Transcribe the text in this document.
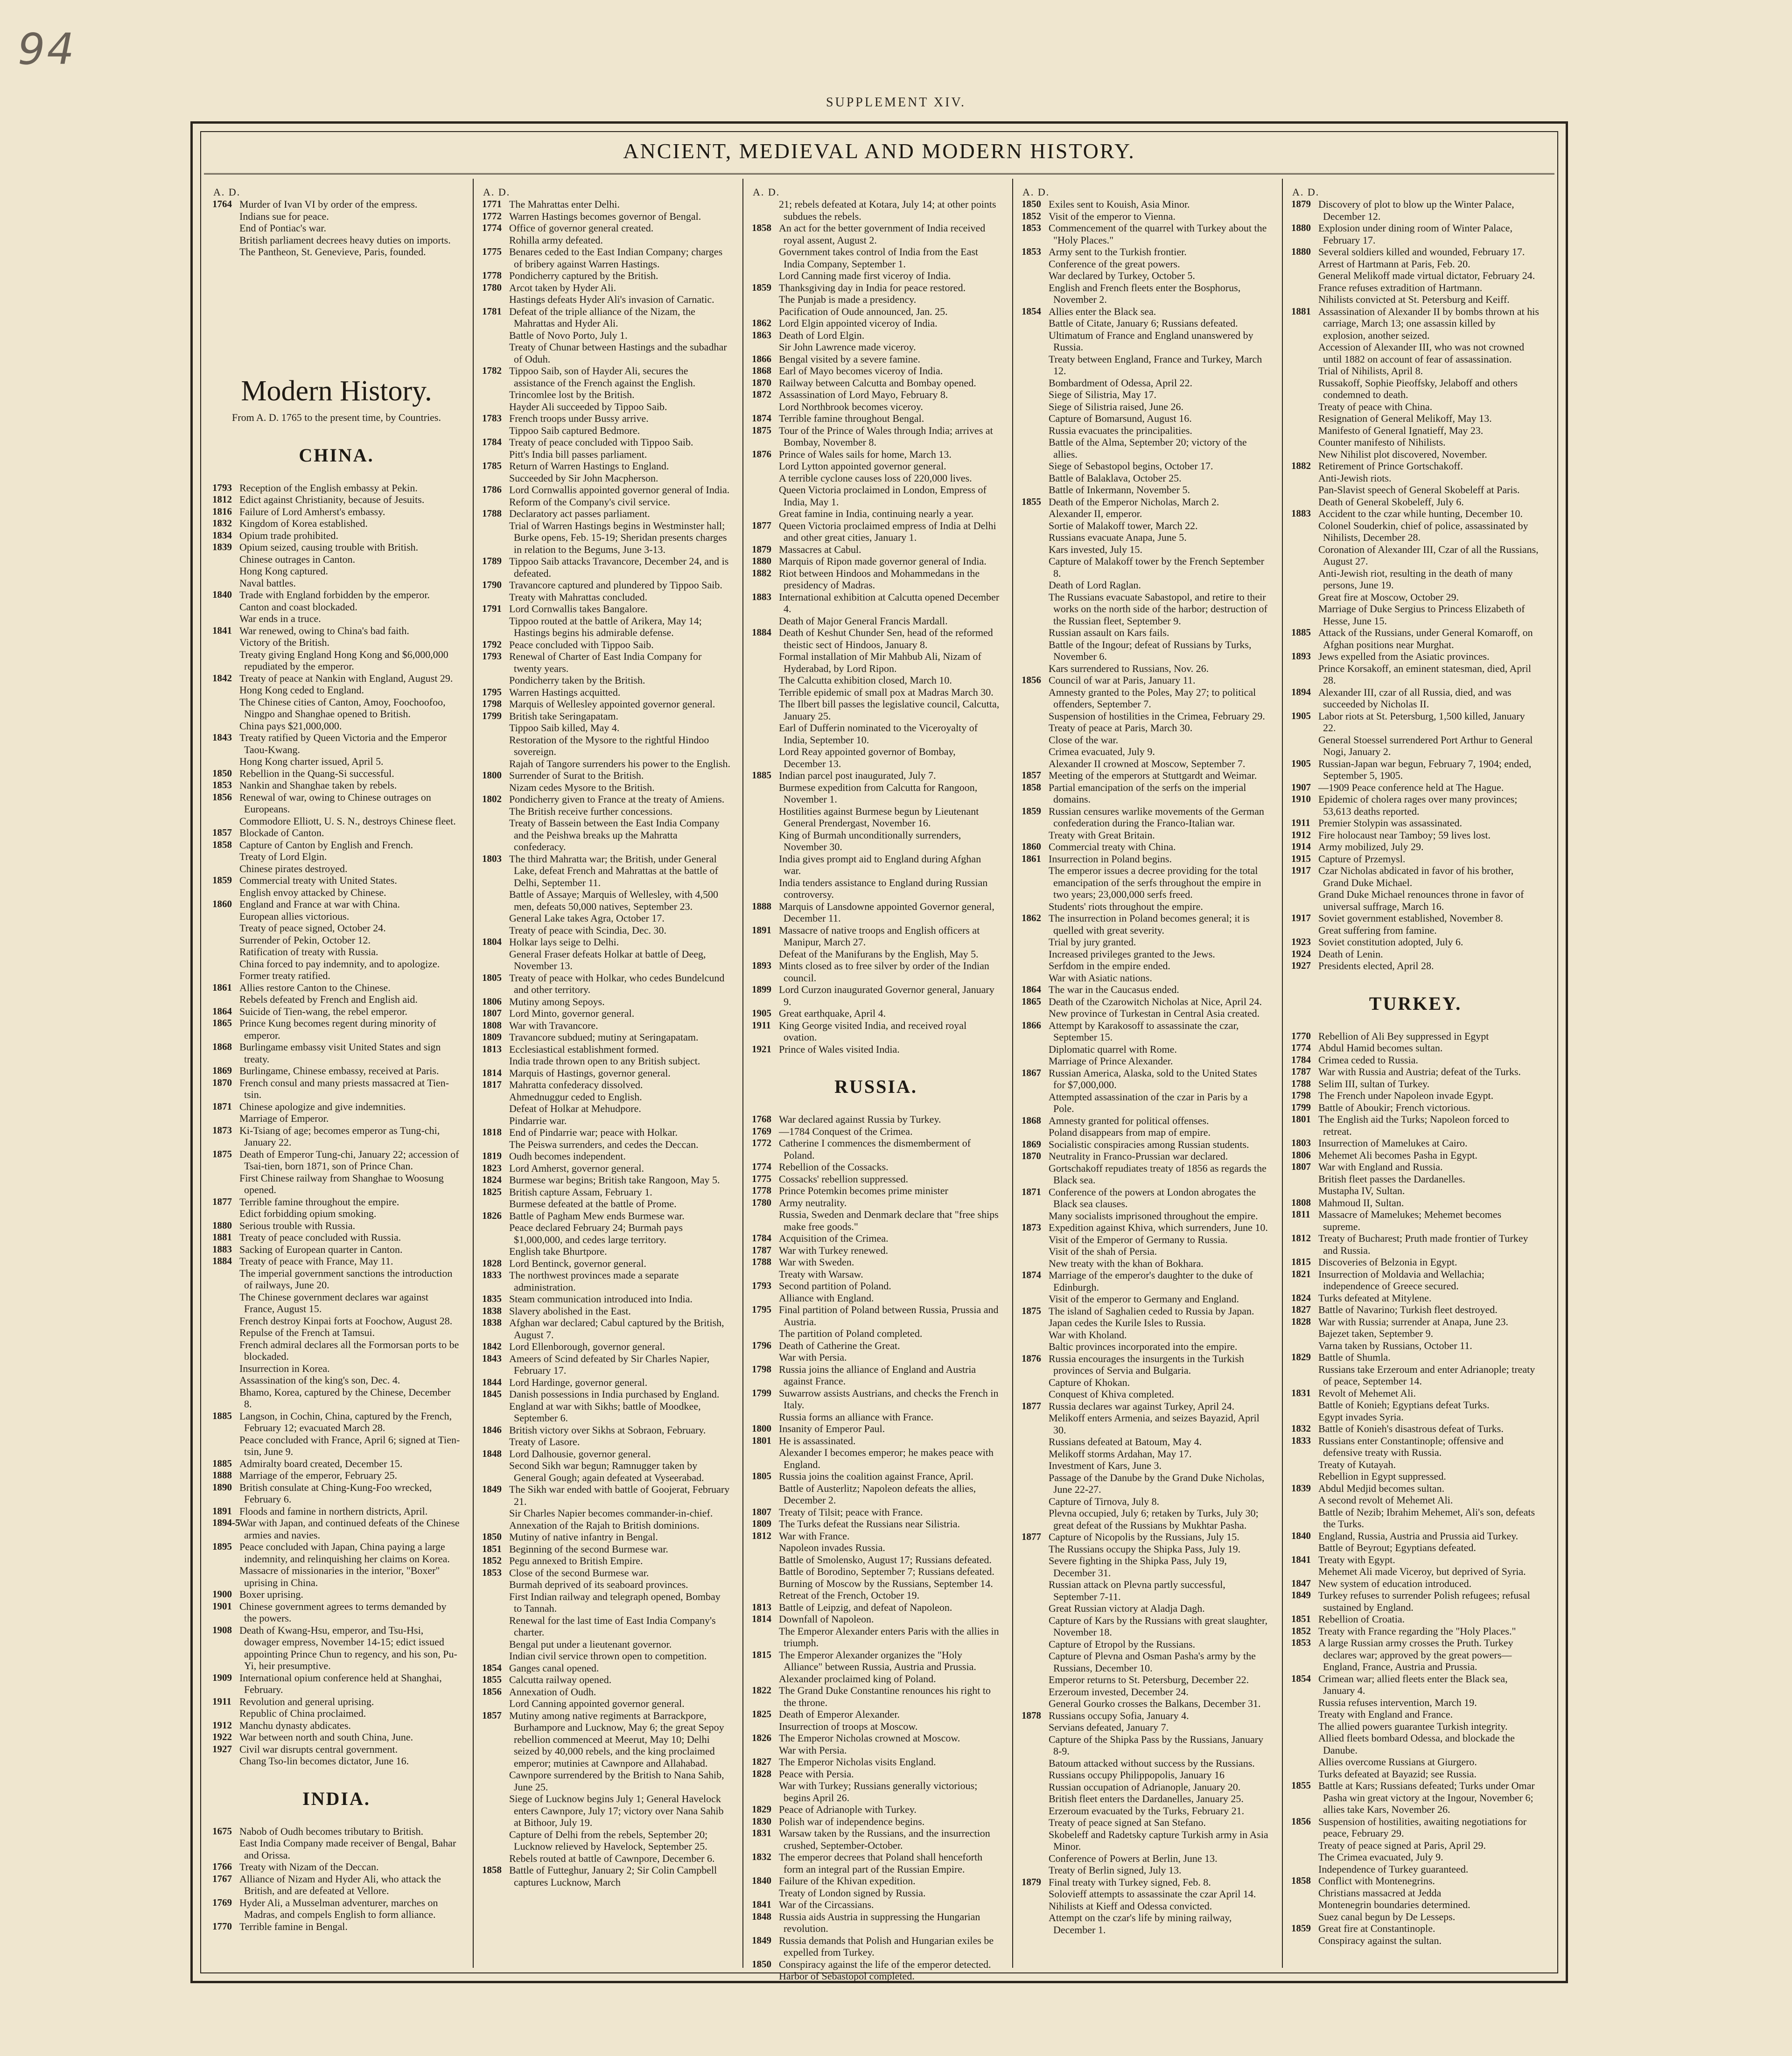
94
SUPPLEMENT XIV.
ANCIENT, MEDIEVAL AND MODERN HISTORY.
A. D.
1764 Murder of Ivan VI by order of the empress.
Indians sue for peace.
End of Pontiac's war.
British parliament decrees heavy duties on imports.
The Pantheon, St. Genevieve, Paris, founded.
Modern History.
From A. D. 1765 to the present time, by Countries.
CHINA.
1793 Reception of the English embassy at Pekin.
1812 Edict against Christianity, because of Jesuits.
1816 Failure of Lord Amherst's embassy.
1832 Kingdom of Korea established.
1834 Opium trade prohibited.
1839 Opium seized, causing trouble with British.
Chinese outrages in Canton.
Hong Kong captured.
Naval battles.
1840 Trade with England forbidden by the emperor.
Canton and coast blockaded.
War ends in a truce.
1841 War renewed, owing to China's bad faith.
Victory of the British.
Treaty giving England Hong Kong and $6,000,000 repudiated by the emperor.
1842 Treaty of peace at Nankin with England, August 29.
Hong Kong ceded to England.
The Chinese cities of Canton, Amoy, Foochoofoo, Ningpo and Shanghae opened to British.
China pays $21,000,000.
1843 Treaty ratified by Queen Victoria and the Emperor Taou-Kwang.
Hong Kong charter issued, April 5.
1850 Rebellion in the Quang-Si successful.
1853 Nankin and Shanghae taken by rebels.
1856 Renewal of war, owing to Chinese outrages on Europeans.
Commodore Elliott, U. S. N., destroys Chinese fleet.
1857 Blockade of Canton.
1858 Capture of Canton by English and French.
Treaty of Lord Elgin.
Chinese pirates destroyed.
1859 Commercial treaty with United States.
English envoy attacked by Chinese.
1860 England and France at war with China.
European allies victorious.
Treaty of peace signed, October 24.
Surrender of Pekin, October 12.
Ratification of treaty with Russia.
China forced to pay indemnity, and to apologize.
Former treaty ratified.
1861 Allies restore Canton to the Chinese.
Rebels defeated by French and English aid.
1864 Suicide of Tien-wang, the rebel emperor.
1865 Prince Kung becomes regent during minority of emperor.
1868 Burlingame embassy visit United States and sign treaty.
1869 Burlingame, Chinese embassy, received at Paris.
1870 French consul and many priests massacred at Tien-tsin.
1871 Chinese apologize and give indemnities.
Marriage of Emperor.
1873 Ki-Tsiang of age; becomes emperor as Tung-chi, January 22.
1875 Death of Emperor Tung-chi, January 22; accession of Tsai-tien, born 1871, son of Prince Chan.
First Chinese railway from Shanghae to Woosung opened.
1877 Terrible famine throughout the empire.
Edict forbidding opium smoking.
1880 Serious trouble with Russia.
1881 Treaty of peace concluded with Russia.
1883 Sacking of European quarter in Canton.
1884 Treaty of peace with France, May 11.
The imperial government sanctions the introduction of railways, June 20.
The Chinese government declares war against France, August 15.
French destroy Kinpai forts at Foochow, August 28.
Repulse of the French at Tamsui.
French admiral declares all the Formorsan ports to be blockaded.
Insurrection in Korea.
Assassination of the king's son, Dec. 4.
Bhamo, Korea, captured by the Chinese, December 8.
1885 Langson, in Cochin, China, captured by the French, February 12; evacuated March 28.
Peace concluded with France, April 6; signed at Tien-tsin, June 9.
1885 Admiralty board created, December 15.
1888 Marriage of the emperor, February 25.
1890 British consulate at Ching-Kung-Foo wrecked, February 6.
1891 Floods and famine in northern districts, April.
1894-5
War with Japan, and continued defeats of the Chinese armies and navies.
1895 Peace concluded with Japan, China paying a large indemnity, and relinquishing her claims on Korea.
Massacre of missionaries in the interior, "Boxer" uprising in China.
1900 Boxer uprising.
1901 Chinese government agrees to terms demanded by the powers.
1908 Death of Kwang-Hsu, emperor, and Tsu-Hsi, dowager empress, November 14-15; edict issued appointing Prince Chun to regency, and his son, Pu-Yi, heir presumptive.
1909 International opium conference held at Shanghai, February.
1911 Revolution and general uprising.
Republic of China proclaimed.
1912 Manchu dynasty abdicates.
1922 War between north and south China, June.
1927 Civil war disrupts central government.
Chang Tso-lin becomes dictator, June 16.
INDIA.
1675 Nabob of Oudh becomes tributary to British.
East India Company made receiver of Bengal, Bahar and Orissa.
1766 Treaty with Nizam of the Deccan.
1767 Alliance of Nizam and Hyder Ali, who attack the British, and are defeated at Vellore.
1769 Hyder Ali, a Musselman adventurer, marches on Madras, and compels English to form alliance.
1770 Terrible famine in Bengal.
A. D.
1771 The Mahrattas enter Delhi.
1772 Warren Hastings becomes governor of Bengal.
1774 Office of governor general created.
Rohilla army defeated.
1775 Benares ceded to the East Indian Company; charges of bribery against Warren Hastings.
1778 Pondicherry captured by the British.
1780 Arcot taken by Hyder Ali.
Hastings defeats Hyder Ali's invasion of Carnatic.
1781 Defeat of the triple alliance of the Nizam, the Mahrattas and Hyder Ali.
Battle of Novo Porto, July 1.
Treaty of Chunar between Hastings and the subadhar of Oduh.
1782 Tippoo Saib, son of Hayder Ali, secures the assistance of the French against the English.
Trincomlee lost by the British.
Hayder Ali succeeded by Tippoo Saib.
1783 French troops under Bussy arrive.
Tippoo Saib captured Bedmore.
1784 Treaty of peace concluded with Tippoo Saib.
Pitt's India bill passes parliament.
1785 Return of Warren Hastings to England.
Succeeded by Sir John Macpherson.
1786 Lord Cornwallis appointed governor general of India.
Reform of the Company's civil service.
1788 Declaratory act passes parliament.
Trial of Warren Hastings begins in Westminster hall; Burke opens, Feb. 15-19; Sheridan presents charges in relation to the Begums, June 3-13.
1789 Tippoo Saib attacks Travancore, December 24, and is defeated.
1790 Travancore captured and plundered by Tippoo Saib.
Treaty with Mahrattas concluded.
1791 Lord Cornwallis takes Bangalore.
Tippoo routed at the battle of Arikera, May 14; Hastings begins his admirable defense.
1792 Peace concluded with Tippoo Saib.
1793 Renewal of Charter of East India Company for twenty years.
Pondicherry taken by the British.
1795 Warren Hastings acquitted.
1798 Marquis of Wellesley appointed governor general.
1799 British take Seringapatam.
Tippoo Saib killed, May 4.
Restoration of the Mysore to the rightful Hindoo sovereign.
Rajah of Tangore surrenders his power to the English.
1800 Surrender of Surat to the British.
Nizam cedes Mysore to the British.
1802 Pondicherry given to France at the treaty of Amiens.
The British receive further concessions.
Treaty of Bassein between the East India Company and the Peishwa breaks up the Mahratta confederacy.
1803 The third Mahratta war; the British, under General Lake, defeat French and Mahrattas at the battle of Delhi, September 11.
Battle of Assaye; Marquis of Wellesley, with 4,500 men, defeats 50,000 natives, September 23.
General Lake takes Agra, October 17.
Treaty of peace with Scindia, Dec. 30.
1804 Holkar lays seige to Delhi.
General Fraser defeats Holkar at battle of Deeg, November 13.
1805 Treaty of peace with Holkar, who cedes Bundelcund and other territory.
1806 Mutiny among Sepoys.
1807 Lord Minto, governor general.
1808 War with Travancore.
1809 Travancore subdued; mutiny at Seringapatam.
1813 Ecclesiastical establishment formed.
India trade thrown open to any British subject.
1814 Marquis of Hastings, governor general.
1817 Mahratta confederacy dissolved.
Ahmednuggur ceded to English.
Defeat of Holkar at Mehudpore.
Pindarrie war.
1818 End of Pindarrie war; peace with Holkar.
The Peiswa surrenders, and cedes the Deccan.
1819 Oudh becomes independent.
1823 Lord Amherst, governor general.
1824 Burmese war begins; British take Rangoon, May 5.
1825 British capture Assam, February 1.
Burmese defeated at the battle of Prome.
1826 Battle of Pagham Mew ends Burmese war.
Peace declared February 24; Burmah pays $1,000,000, and cedes large territory.
English take Bhurtpore.
1828 Lord Bentinck, governor general.
1833 The northwest provinces made a separate administration.
1835 Steam communication introduced into India.
1838 Slavery abolished in the East.
1838 Afghan war declared; Cabul captured by the British, August 7.
1842 Lord Ellenborough, governor general.
1843 Ameers of Scind defeated by Sir Charles Napier, February 17.
1844 Lord Hardinge, governor general.
1845 Danish possessions in India purchased by England.
England at war with Sikhs; battle of Moodkee, September 6.
1846 British victory over Sikhs at Sobraon, February.
Treaty of Lasore.
1848 Lord Dalhousie, governor general.
Second Sikh war begun; Ramnugger taken by General Gough; again defeated at Vyseerabad.
1849 The Sikh war ended with battle of Goojerat, February 21.
Sir Charles Napier becomes commander-in-chief.
Annexation of the Rajah to British dominions.
1850 Mutiny of native infantry in Bengal.
1851 Beginning of the second Burmese war.
1852 Pegu annexed to British Empire.
1853 Close of the second Burmese war.
Burmah deprived of its seaboard provinces.
First Indian railway and telegraph opened, Bombay to Tannah.
Renewal for the last time of East India Company's charter.
Bengal put under a lieutenant governor.
Indian civil service thrown open to competition.
1854 Ganges canal opened.
1855 Calcutta railway opened.
1856 Annexation of Oudh.
Lord Canning appointed governor general.
1857 Mutiny among native regiments at Barrackpore, Burhampore and Lucknow, May 6; the great Sepoy rebellion commenced at Meerut, May 10; Delhi seized by 40,000 rebels, and the king proclaimed emperor; mutinies at Cawnpore and Allahabad.
Cawnpore surrendered by the British to Nana Sahib, June 25.
Siege of Lucknow begins July 1; General Havelock enters Cawnpore, July 17; victory over Nana Sahib at Bithoor, July 19.
Capture of Delhi from the rebels, September 20; Lucknow relieved by Havelock, September 25.
Rebels routed at battle of Cawnpore, December 6.
1858 Battle of Futteghur, January 2; Sir Colin Campbell captures Lucknow, March
A. D.
21; rebels defeated at Kotara, July 14; at other points subdues the rebels.
1858 An act for the better government of India received royal assent, August 2.
Government takes control of India from the East India Company, September 1.
Lord Canning made first viceroy of India.
1859 Thanksgiving day in India for peace restored.
The Punjab is made a presidency.
Pacification of Oude announced, Jan. 25.
1862 Lord Elgin appointed viceroy of India.
1863 Death of Lord Elgin.
Sir John Lawrence made viceroy.
1866 Bengal visited by a severe famine.
1868 Earl of Mayo becomes viceroy of India.
1870 Railway between Calcutta and Bombay opened.
1872 Assassination of Lord Mayo, February 8.
Lord Northbrook becomes viceroy.
1874 Terrible famine throughout Bengal.
1875 Tour of the Prince of Wales through India; arrives at Bombay, November 8.
1876 Prince of Wales sails for home, March 13.
Lord Lytton appointed governor general.
A terrible cyclone causes loss of 220,000 lives.
Queen Victoria proclaimed in London, Empress of India, May 1.
Great famine in India, continuing nearly a year.
1877 Queen Victoria proclaimed empress of India at Delhi and other great cities, January 1.
1879 Massacres at Cabul.
1880 Marquis of Ripon made governor general of India.
1882 Riot between Hindoos and Mohammedans in the presidency of Madras.
1883 International exhibition at Calcutta opened December 4.
Death of Major General Francis Mardall.
1884 Death of Keshut Chunder Sen, head of the reformed theistic sect of Hindoos, January 8.
Formal installation of Mir Mahbub Ali, Nizam of Hyderabad, by Lord Ripon.
The Calcutta exhibition closed, March 10.
Terrible epidemic of small pox at Madras March 30.
The Ilbert bill passes the legislative council, Calcutta, January 25.
Earl of Dufferin nominated to the Viceroyalty of India, September 10.
Lord Reay appointed governor of Bombay, December 13.
1885 Indian parcel post inaugurated, July 7.
Burmese expedition from Calcutta for Rangoon, November 1.
Hostilities against Burmese begun by Lieutenant General Prendergast, November 16.
King of Burmah unconditionally surrenders, November 30.
India gives prompt aid to England during Afghan war.
India tenders assistance to England during Russian controversy.
1888 Marquis of Lansdowne appointed Governor general, December 11.
1891 Massacre of native troops and English officers at Manipur, March 27.
Defeat of the Manifurans by the English, May 5.
1893 Mints closed as to free silver by order of the Indian council.
1899 Lord Curzon inaugurated Governor general, January 9.
1905 Great earthquake, April 4.
1911 King George visited India, and received royal ovation.
1921 Prince of Wales visited India.
RUSSIA.
1768 War declared against Russia by Turkey.
1769 —1784 Conquest of the Crimea.
1772 Catherine I commences the dismemberment of Poland.
1774 Rebellion of the Cossacks.
1775 Cossacks' rebellion suppressed.
1778 Prince Potemkin becomes prime minister
1780 Army neutrality.
Russia, Sweden and Denmark declare that "free ships make free goods."
1784 Acquisition of the Crimea.
1787 War with Turkey renewed.
1788 War with Sweden.
Treaty with Warsaw.
1793 Second partition of Poland.
Alliance with England.
1795 Final partition of Poland between Russia, Prussia and Austria.
The partition of Poland completed.
1796 Death of Catherine the Great.
War with Persia.
1798 Russia joins the alliance of England and Austria against France.
1799 Suwarrow assists Austrians, and checks the French in Italy.
Russia forms an alliance with France.
1800 Insanity of Emperor Paul.
1801 He is assassinated.
Alexander I becomes emperor; he makes peace with England.
1805 Russia joins the coalition against France, April.
Battle of Austerlitz; Napoleon defeats the allies, December 2.
1807 Treaty of Tilsit; peace with France.
1809 The Turks defeat the Russians near Silistria.
1812 War with France.
Napoleon invades Russia.
Battle of Smolensko, August 17; Russians defeated.
Battle of Borodino, September 7; Russians defeated.
Burning of Moscow by the Russians, September 14.
Retreat of the French, October 19.
1813 Battle of Leipzig, and defeat of Napoleon.
1814 Downfall of Napoleon.
The Emperor Alexander enters Paris with the allies in triumph.
1815 The Emperor Alexander organizes the "Holy Alliance" between Russia, Austria and Prussia.
Alexander proclaimed king of Poland.
1822 The Grand Duke Constantine renounces his right to the throne.
1825 Death of Emperor Alexander.
Insurrection of troops at Moscow.
1826 The Emperor Nicholas crowned at Moscow.
War with Persia.
1827 The Emperor Nicholas visits England.
1828 Peace with Persia.
War with Turkey; Russians generally victorious; begins April 26.
1829 Peace of Adrianople with Turkey.
1830 Polish war of independence begins.
1831 Warsaw taken by the Russians, and the insurrection crushed, September-October.
1832 The emperor decrees that Poland shall henceforth form an integral part of the Russian Empire.
1840 Failure of the Khivan expedition.
Treaty of London signed by Russia.
1841 War of the Circassians.
1848 Russia aids Austria in suppressing the Hungarian revolution.
1849 Russia demands that Polish and Hungarian exiles be expelled from Turkey.
1850 Conspiracy against the life of the emperor detected.
Harbor of Sebastopol completed.
A. D.
1850 Exiles sent to Kouish, Asia Minor.
1852 Visit of the emperor to Vienna.
1853 Commencement of the quarrel with Turkey about the "Holy Places."
1853 Army sent to the Turkish frontier.
Conference of the great powers.
War declared by Turkey, October 5.
English and French fleets enter the Bosphorus, November 2.
1854 Allies enter the Black sea.
Battle of Citate, January 6; Russians defeated.
Ultimatum of France and England unanswered by Russia.
Treaty between England, France and Turkey, March 12.
Bombardment of Odessa, April 22.
Siege of Silistria, May 17.
Siege of Silistria raised, June 26.
Capture of Bomarsund, August 16.
Russia evacuates the principalities.
Battle of the Alma, September 20; victory of the allies.
Siege of Sebastopol begins, October 17.
Battle of Balaklava, October 25.
Battle of Inkermann, November 5.
1855 Death of the Emperor Nicholas, March 2.
Alexander II, emperor.
Sortie of Malakoff tower, March 22.
Russians evacuate Anapa, June 5.
Kars invested, July 15.
Capture of Malakoff tower by the French September 8.
Death of Lord Raglan.
The Russians evacuate Sabastopol, and retire to their works on the north side of the harbor; destruction of the Russian fleet, September 9.
Russian assault on Kars fails.
Battle of the Ingour; defeat of Russians by Turks, November 6.
Kars surrendered to Russians, Nov. 26.
1856 Council of war at Paris, January 11.
Amnesty granted to the Poles, May 27; to political offenders, September 7.
Suspension of hostilities in the Crimea, February 29.
Treaty of peace at Paris, March 30.
Close of the war.
Crimea evacuated, July 9.
Alexander II crowned at Moscow, September 7.
1857 Meeting of the emperors at Stuttgardt and Weimar.
1858 Partial emancipation of the serfs on the imperial domains.
1859 Russian censures warlike movements of the German confederation during the Franco-Italian war.
Treaty with Great Britain.
1860 Commercial treaty with China.
1861 Insurrection in Poland begins.
The emperor issues a decree providing for the total emancipation of the serfs throughout the empire in two years; 23,000,000 serfs freed.
Students' riots throughout the empire.
1862 The insurrection in Poland becomes general; it is quelled with great severity.
Trial by jury granted.
Increased privileges granted to the Jews.
Serfdom in the empire ended.
War with Asiatic nations.
1864 The war in the Caucasus ended.
1865 Death of the Czarowitch Nicholas at Nice, April 24.
New province of Turkestan in Central Asia created.
1866 Attempt by Karakosoff to assassinate the czar, September 15.
Diplomatic quarrel with Rome.
Marriage of Prince Alexander.
1867 Russian America, Alaska, sold to the United States for $7,000,000.
Attempted assassination of the czar in Paris by a Pole.
1868 Amnesty granted for political offenses.
Poland disappears from map of empire.
1869 Socialistic conspiracies among Russian students.
1870 Neutrality in Franco-Prussian war declared.
Gortschakoff repudiates treaty of 1856 as regards the Black sea.
1871 Conference of the powers at London abrogates the Black sea clauses.
Many socialists imprisoned throughout the empire.
1873 Expedition against Khiva, which surrenders, June 10.
Visit of the Emperor of Germany to Russia.
Visit of the shah of Persia.
New treaty with the khan of Bokhara.
1874 Marriage of the emperor's daughter to the duke of Edinburgh.
Visit of the emperor to Germany and England.
1875 The island of Saghalien ceded to Russia by Japan.
Japan cedes the Kurile Isles to Russia.
War with Kholand.
Baltic provinces incorporated into the empire.
1876 Russia encourages the insurgents in the Turkish provinces of Servia and Bulgaria.
Capture of Khokan.
Conquest of Khiva completed.
1877 Russia declares war against Turkey, April 24.
Melikoff enters Armenia, and seizes Bayazid, April 30.
Russians defeated at Batoum, May 4.
Melikoff storms Ardahan, May 17.
Investment of Kars, June 3.
Passage of the Danube by the Grand Duke Nicholas, June 22-27.
Capture of Tirnova, July 8.
Plevna occupied, July 6; retaken by Turks, July 30; great defeat of the Russians by Mukhtar Pasha.
1877 Capture of Nicopolis by the Russians, July 15.
The Russians occupy the Shipka Pass, July 19.
Severe fighting in the Shipka Pass, July 19, December 31.
Russian attack on Plevna partly successful, September 7-11.
Great Russian victory at Aladja Dagh.
Capture of Kars by the Russians with great slaughter, November 18.
Capture of Etropol by the Russians.
Capture of Plevna and Osman Pasha's army by the Russians, December 10.
Emperor returns to St. Petersburg, December 22.
Erzeroum invested, December 24.
General Gourko crosses the Balkans, December 31.
1878 Russians occupy Sofia, January 4.
Servians defeated, January 7.
Capture of the Shipka Pass by the Russians, January 8-9.
Batoum attacked without success by the Russians.
Russians occupy Philippopolis, January 16
Russian occupation of Adrianople, January 20.
British fleet enters the Dardanelles, January 25.
Erzeroum evacuated by the Turks, February 21.
Treaty of peace signed at San Stefano.
Skobeleff and Radetsky capture Turkish army in Asia Minor.
Conference of Powers at Berlin, June 13.
Treaty of Berlin signed, July 13.
1879 Final treaty with Turkey signed, Feb. 8.
Solovieff attempts to assassinate the czar April 14.
Nihilists at Kieff and Odessa convicted.
Attempt on the czar's life by mining railway, December 1.
A. D.
1879 Discovery of plot to blow up the Winter Palace, December 12.
1880 Explosion under dining room of Winter Palace, February 17.
1880 Several soldiers killed and wounded, February 17.
Arrest of Hartmann at Paris, Feb. 20.
General Melikoff made virtual dictator, February 24.
France refuses extradition of Hartmann.
Nihilists convicted at St. Petersburg and Keiff.
1881 Assassination of Alexander II by bombs thrown at his carriage, March 13; one assassin killed by explosion, another seized.
Accession of Alexander III, who was not crowned until 1882 on account of fear of assassination.
Trial of Nihilists, April 8.
Russakoff, Sophie Pieoffsky, Jelaboff and others condemned to death.
Treaty of peace with China.
Resignation of General Melikoff, May 13.
Manifesto of General Ignatieff, May 23.
Counter manifesto of Nihilists.
New Nihilist plot discovered, November.
1882 Retirement of Prince Gortschakoff.
Anti-Jewish riots.
Pan-Slavist speech of General Skobeleff at Paris.
Death of General Skobeleff, July 6.
1883 Accident to the czar while hunting, December 10.
Colonel Souderkin, chief of police, assassinated by Nihilists, December 28.
Coronation of Alexander III, Czar of all the Russians, August 27.
Anti-Jewish riot, resulting in the death of many persons, June 19.
Great fire at Moscow, October 29.
Marriage of Duke Sergius to Princess Elizabeth of Hesse, June 15.
1885 Attack of the Russians, under General Komaroff, on Afghan positions near Murghat.
1893 Jews expelled from the Asiatic provinces.
Prince Korsakoff, an eminent statesman, died, April 28.
1894 Alexander III, czar of all Russia, died, and was succeeded by Nicholas II.
1905 Labor riots at St. Petersburg, 1,500 killed, January 22.
General Stoessel surrendered Port Arthur to General Nogi, January 2.
1905 Russian-Japan war begun, February 7, 1904; ended, September 5, 1905.
1907 —1909 Peace conference held at The Hague.
1910 Epidemic of cholera rages over many provinces; 53,613 deaths reported.
1911 Premier Stolypin was assassinated.
1912 Fire holocaust near Tamboy; 59 lives lost.
1914 Army mobilized, July 29.
1915 Capture of Przemysl.
1917 Czar Nicholas abdicated in favor of his brother, Grand Duke Michael.
Grand Duke Michael renounces throne in favor of universal suffrage, March 16.
1917 Soviet government established, November 8.
Great suffering from famine.
1923 Soviet constitution adopted, July 6.
1924 Death of Lenin.
1927 Presidents elected, April 28.
TURKEY.
1770 Rebellion of Ali Bey suppressed in Egypt
1774 Abdul Hamid becomes sultan.
1784 Crimea ceded to Russia.
1787 War with Russia and Austria; defeat of the Turks.
1788 Selim III, sultan of Turkey.
1798 The French under Napoleon invade Egypt.
1799 Battle of Aboukir; French victorious.
1801 The English aid the Turks; Napoleon forced to retreat.
1803 Insurrection of Mamelukes at Cairo.
1806 Mehemet Ali becomes Pasha in Egypt.
1807 War with England and Russia.
British fleet passes the Dardanelles.
Mustapha IV, Sultan.
1808 Mahmoud II, Sultan.
1811 Massacre of Mamelukes; Mehemet becomes supreme.
1812 Treaty of Bucharest; Pruth made frontier of Turkey and Russia.
1815 Discoveries of Belzonia in Egypt.
1821 Insurrection of Moldavia and Wellachia; independence of Greece secured.
1824 Turks defeated at Mitylene.
1827 Battle of Navarino; Turkish fleet destroyed.
1828 War with Russia; surrender at Anapa, June 23.
Bajezet taken, September 9.
Varna taken by Russians, October 11.
1829 Battle of Shumla.
Russians take Erzeroum and enter Adrianople; treaty of peace, September 14.
1831 Revolt of Mehemet Ali.
Battle of Konieh; Egyptians defeat Turks.
Egypt invades Syria.
1832 Battle of Konieh's disastrous defeat of Turks.
1833 Russians enter Constantinople; offensive and defensive treaty with Russia.
Treaty of Kutayah.
Rebellion in Egypt suppressed.
1839 Abdul Medjid becomes sultan.
A second revolt of Mehemet Ali.
Battle of Nezib; Ibrahim Mehemet, Ali's son, defeats the Turks.
1840 England, Russia, Austria and Prussia aid Turkey.
Battle of Beyrout; Egyptians defeated.
1841 Treaty with Egypt.
Mehemet Ali made Viceroy, but deprived of Syria.
1847 New system of education introduced.
1849 Turkey refuses to surrender Polish refugees; refusal sustained by England.
1851 Rebellion of Croatia.
1852 Treaty with France regarding the "Holy Places."
1853 A large Russian army crosses the Pruth. Turkey declares war; approved by the great powers—England, France, Austria and Prussia.
1854 Crimean war; allied fleets enter the Black sea, January 4.
Russia refuses intervention, March 19.
Treaty with England and France.
The allied powers guarantee Turkish integrity.
Allied fleets bombard Odessa, and blockade the Danube.
Allies overcome Russians at Giurgero.
Turks defeated at Bayazid; see Russia.
1855 Battle at Kars; Russians defeated; Turks under Omar Pasha win great victory at the Ingour, November 6; allies take Kars, November 26.
1856 Suspension of hostilities, awaiting negotiations for peace, February 29.
Treaty of peace signed at Paris, April 29.
The Crimea evacuated, July 9.
Independence of Turkey guaranteed.
1858 Conflict with Montenegrins.
Christians massacred at Jedda
Montenegrin boundaries determined.
Suez canal begun by De Lesseps.
1859 Great fire at Constantinople.
Conspiracy against the sultan.
